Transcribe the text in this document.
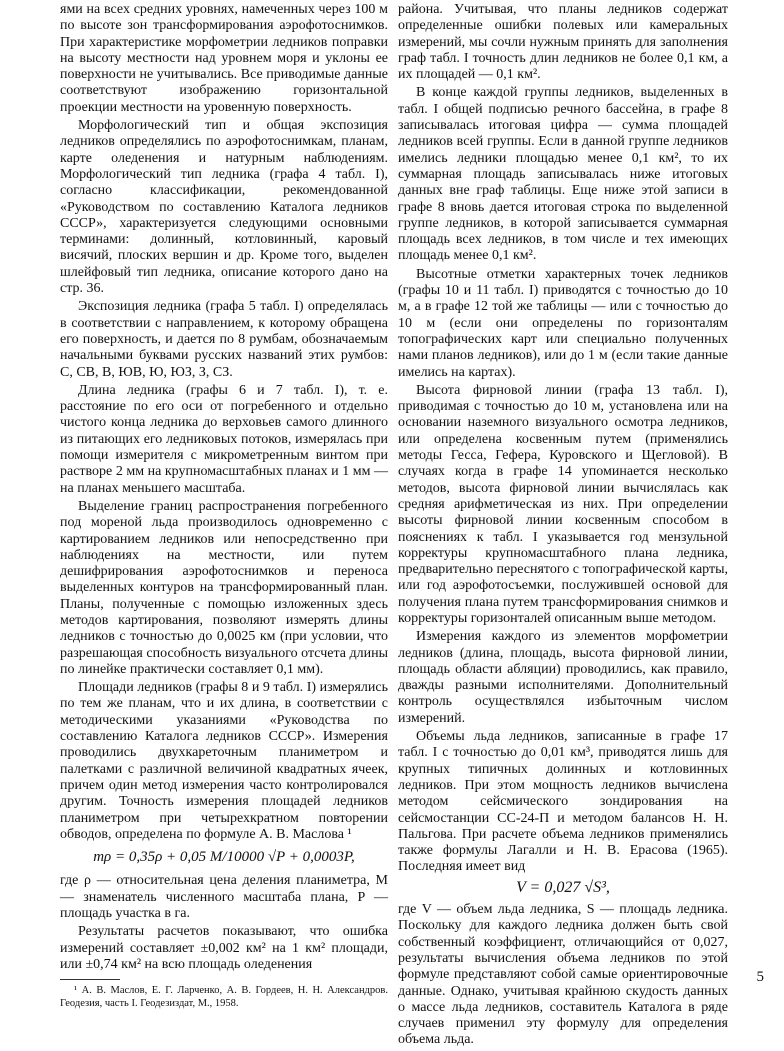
ями на всех средних уровнях, намеченных через 100 м по высоте зон трансформирования аэрофотоснимков. При характеристике морфометрии ледников поправки на высоту местности над уровнем моря и уклоны ее поверхности не учитывались. Все приводимые данные соответствуют изображению горизонтальной проекции местности на уровенную поверхность.

Морфологический тип и общая экспозиция ледников определялись по аэрофотоснимкам, планам, карте оледенения и натурным наблюдениям. Морфологический тип ледника (графа 4 табл. I), согласно классификации, рекомендованной «Руководством по составлению Каталога ледников СССР», характеризуется следующими основными терминами: долинный, котловинный, каровый висячий, плоских вершин и др. Кроме того, выделен шлейфовый тип ледника, описание которого дано на стр. 36.

Экспозиция ледника (графа 5 табл. I) определялась в соответствии с направлением, к которому обращена его поверхность, и дается по 8 румбам, обозначаемым начальными буквами русских названий этих румбов: С, СВ, В, ЮВ, Ю, ЮЗ, З, СЗ.

Длина ледника (графы 6 и 7 табл. I), т. е. расстояние по его оси от погребенного и отдельно чистого конца ледника до верховьев самого длинного из питающих его ледниковых потоков, измерялась при помощи измерителя с микрометренным винтом при растворе 2 мм на крупномасштабных планах и 1 мм — на планах меньшего масштаба.

Выделение границ распространения погребенного под мореной льда производилось одновременно с картированием ледников или непосредственно при наблюдениях на местности, или путем дешифрирования аэрофотоснимков и переноса выделенных контуров на трансформированный план. Планы, полученные с помощью изложенных здесь методов картирования, позволяют измерять длины ледников с точностью до 0,0025 км (при условии, что разрешающая способность визуального отсчета длины по линейке практически составляет 0,1 мм).

Площади ледников (графы 8 и 9 табл. I) измерялись по тем же планам, что и их длина, в соответствии с методическими указаниями «Руководства по составлению Каталога ледников СССР». Измерения проводились двухкареточным планиметром и палетками с различной величиной квадратных ячеек, причем один метод измерения часто контролировался другим. Точность измерения площадей ледников планиметром при четырехкратном повторении обводов, определена по формуле А. В. Маслова ¹

mρ = 0,35ρ + 0,05 M/10000 √P + 0,0003P,

где ρ — относительная цена деления планиметра, M — знаменатель численного масштаба плана, P — площадь участка в га.

Результаты расчетов показывают, что ошибка измерений составляет ±0,002 км² на 1 км² площади, или ±0,74 км² на всю площадь оледенения

¹ А. В. Маслов, Е. Г. Ларченко, А. В. Гордеев, Н. Н. Александров. Геодезия, часть I. Геодезиздат, М., 1958.

района. Учитывая, что планы ледников содержат определенные ошибки полевых или камеральных измерений, мы сочли нужным принять для заполнения граф табл. I точность длин ледников не более 0,1 км, а их площадей — 0,1 км².

В конце каждой группы ледников, выделенных в табл. I общей подписью речного бассейна, в графе 8 записывалась итоговая цифра — сумма площадей ледников всей группы. Если в данной группе ледников имелись ледники площадью менее 0,1 км², то их суммарная площадь записывалась ниже итоговых данных вне граф таблицы. Еще ниже этой записи в графе 8 вновь дается итоговая строка по выделенной группе ледников, в которой записывается суммарная площадь всех ледников, в том числе и тех имеющих площадь менее 0,1 км².

Высотные отметки характерных точек ледников (графы 10 и 11 табл. I) приводятся с точностью до 10 м, а в графе 12 той же таблицы — или с точностью до 10 м (если они определены по горизонталям топографических карт или специально полученных нами планов ледников), или до 1 м (если такие данные имелись на картах).

Высота фирновой линии (графа 13 табл. I), приводимая с точностью до 10 м, установлена или на основании наземного визуального осмотра ледников, или определена косвенным путем (применялись методы Гесса, Гефера, Куровского и Щегловой). В случаях когда в графе 14 упоминается несколько методов, высота фирновой линии вычислялась как средняя арифметическая из них. При определении высоты фирновой линии косвенным способом в пояснениях к табл. I указывается год мензульной корректуры крупномасштабного плана ледника, предварительно переснятого с топографической карты, или год аэрофотосъемки, послужившей основой для получения плана путем трансформирования снимков и корректуры горизонталей описанным выше методом.

Измерения каждого из элементов морфометрии ледников (длина, площадь, высота фирновой линии, площадь области абляции) проводились, как правило, дважды разными исполнителями. Дополнительный контроль осуществлялся избыточным числом измерений.

Объемы льда ледников, записанные в графе 17 табл. I с точностью до 0,01 км³, приводятся лишь для крупных типичных долинных и котловинных ледников. При этом мощность ледников вычислена методом сейсмического зондирования на сейсмостанции СС-24-П и методом балансов Н. Н. Пальгова. При расчете объема ледников применялись также формулы Лагалли и Н. В. Ерасова (1965). Последняя имеет вид

V = 0,027 √S³,

где V — объем льда ледника, S — площадь ледника. Поскольку для каждого ледника должен быть свой собственный коэффициент, отличающийся от 0,027, результаты вычисления объема ледников по этой формуле представляют собой самые ориентировочные данные. Однако, учитывая крайнюю скудость данных о массе льда ледников, составитель Каталога в ряде случаев применил эту формулу для определения объема льда.

5
